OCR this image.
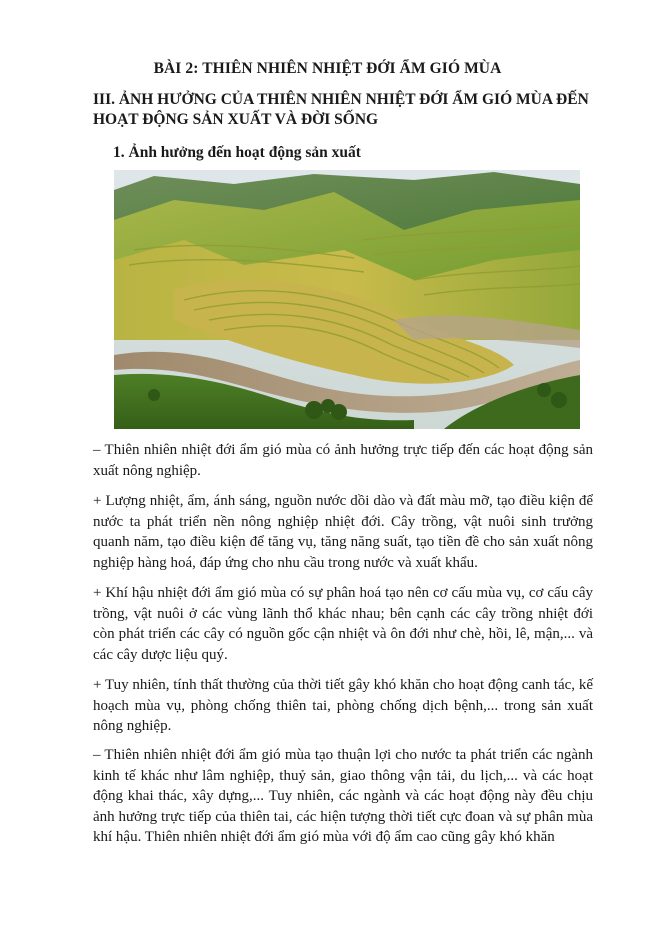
BÀI 2: THIÊN NHIÊN NHIỆT ĐỚI ẨM GIÓ MÙA
III. ẢNH HƯỞNG CỦA THIÊN NHIÊN NHIỆT ĐỚI ẨM GIÓ MÙA ĐẾN HOẠT ĐỘNG SẢN XUẤT VÀ ĐỜI SỐNG
1. Ảnh hưởng đến hoạt động sản xuất

– Thiên nhiên nhiệt đới ẩm gió mùa có ảnh hưởng trực tiếp đến các hoạt động sản xuất nông nghiệp.

+ Lượng nhiệt, ẩm, ánh sáng, nguồn nước dồi dào và đất màu mỡ, tạo điều kiện để nước ta phát triển nền nông nghiệp nhiệt đới. Cây trồng, vật nuôi sinh trưởng quanh năm, tạo điều kiện để tăng vụ, tăng năng suất, tạo tiền đề cho sản xuất nông nghiệp hàng hoá, đáp ứng cho nhu cầu trong nước và xuất khẩu.

+ Khí hậu nhiệt đới ẩm gió mùa có sự phân hoá tạo nên cơ cấu mùa vụ, cơ cấu cây trồng, vật nuôi ở các vùng lãnh thổ khác nhau; bên cạnh các cây trồng nhiệt đới còn phát triển các cây có nguồn gốc cận nhiệt và ôn đới như chè, hồi, lê, mận,... và các cây dược liệu quý.

+ Tuy nhiên, tính thất thường của thời tiết gây khó khăn cho hoạt động canh tác, kế hoạch mùa vụ, phòng chống thiên tai, phòng chống dịch bệnh,... trong sản xuất nông nghiệp.

– Thiên nhiên nhiệt đới ẩm gió mùa tạo thuận lợi cho nước ta phát triển các ngành kinh tế khác như lâm nghiệp, thuỷ sản, giao thông vận tải, du lịch,... và các hoạt động khai thác, xây dựng,... Tuy nhiên, các ngành và các hoạt động này đều chịu ảnh hưởng trực tiếp của thiên tai, các hiện tượng thời tiết cực đoan và sự phân mùa khí hậu. Thiên nhiên nhiệt đới ẩm gió mùa với độ ẩm cao cũng gây khó khăn
